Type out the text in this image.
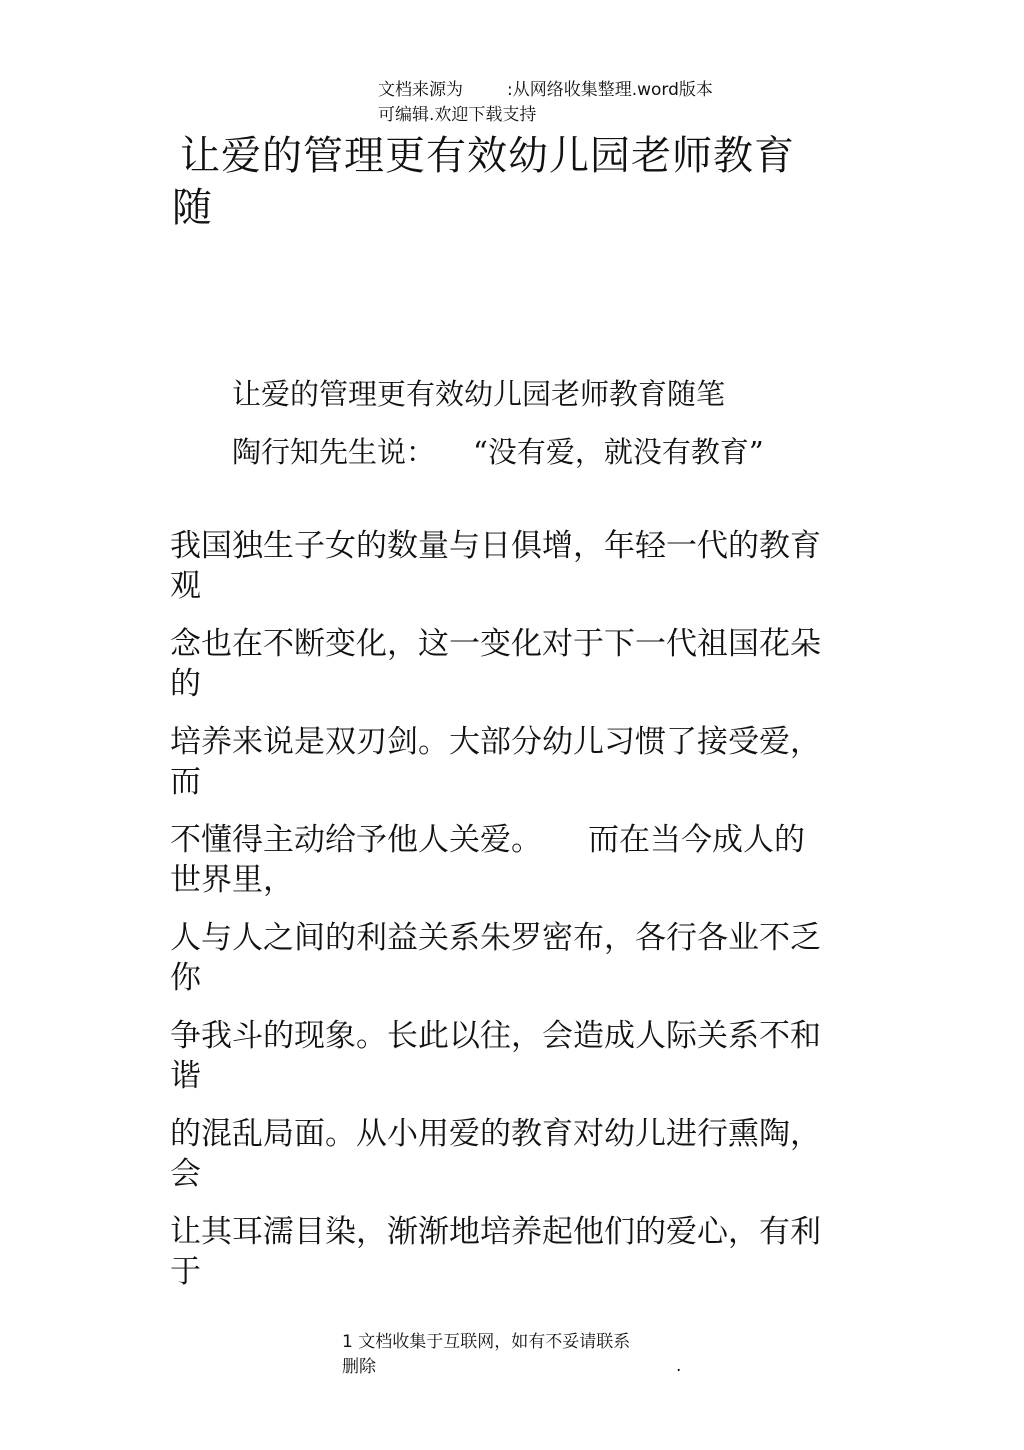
文档来源为	:从网络收集整理.word版本
可编辑.欢迎下载支持
让爱的管理更有效幼儿园老师教育
随
让爱的管理更有效幼儿园老师教育随笔
陶行知先生说： “没有爱，就没有教育”

我国独生子女的数量与日俱增，年轻一代的教育
观

念也在不断变化，这一变化对于下一代祖国花朵
的

培养来说是双刃剑。大部分幼儿习惯了接受爱，
而

不懂得主动给予他人关爱。 而在当今成人的
世界里，

人与人之间的利益关系朱罗密布，各行各业不乏
你

争我斗的现象。长此以往，会造成人际关系不和
谐

的混乱局面。从小用爱的教育对幼儿进行熏陶，
会

让其耳濡目染，渐渐地培养起他们的爱心，有利
于

1 文档收集于互联网，如有不妥请联系
删除	.
